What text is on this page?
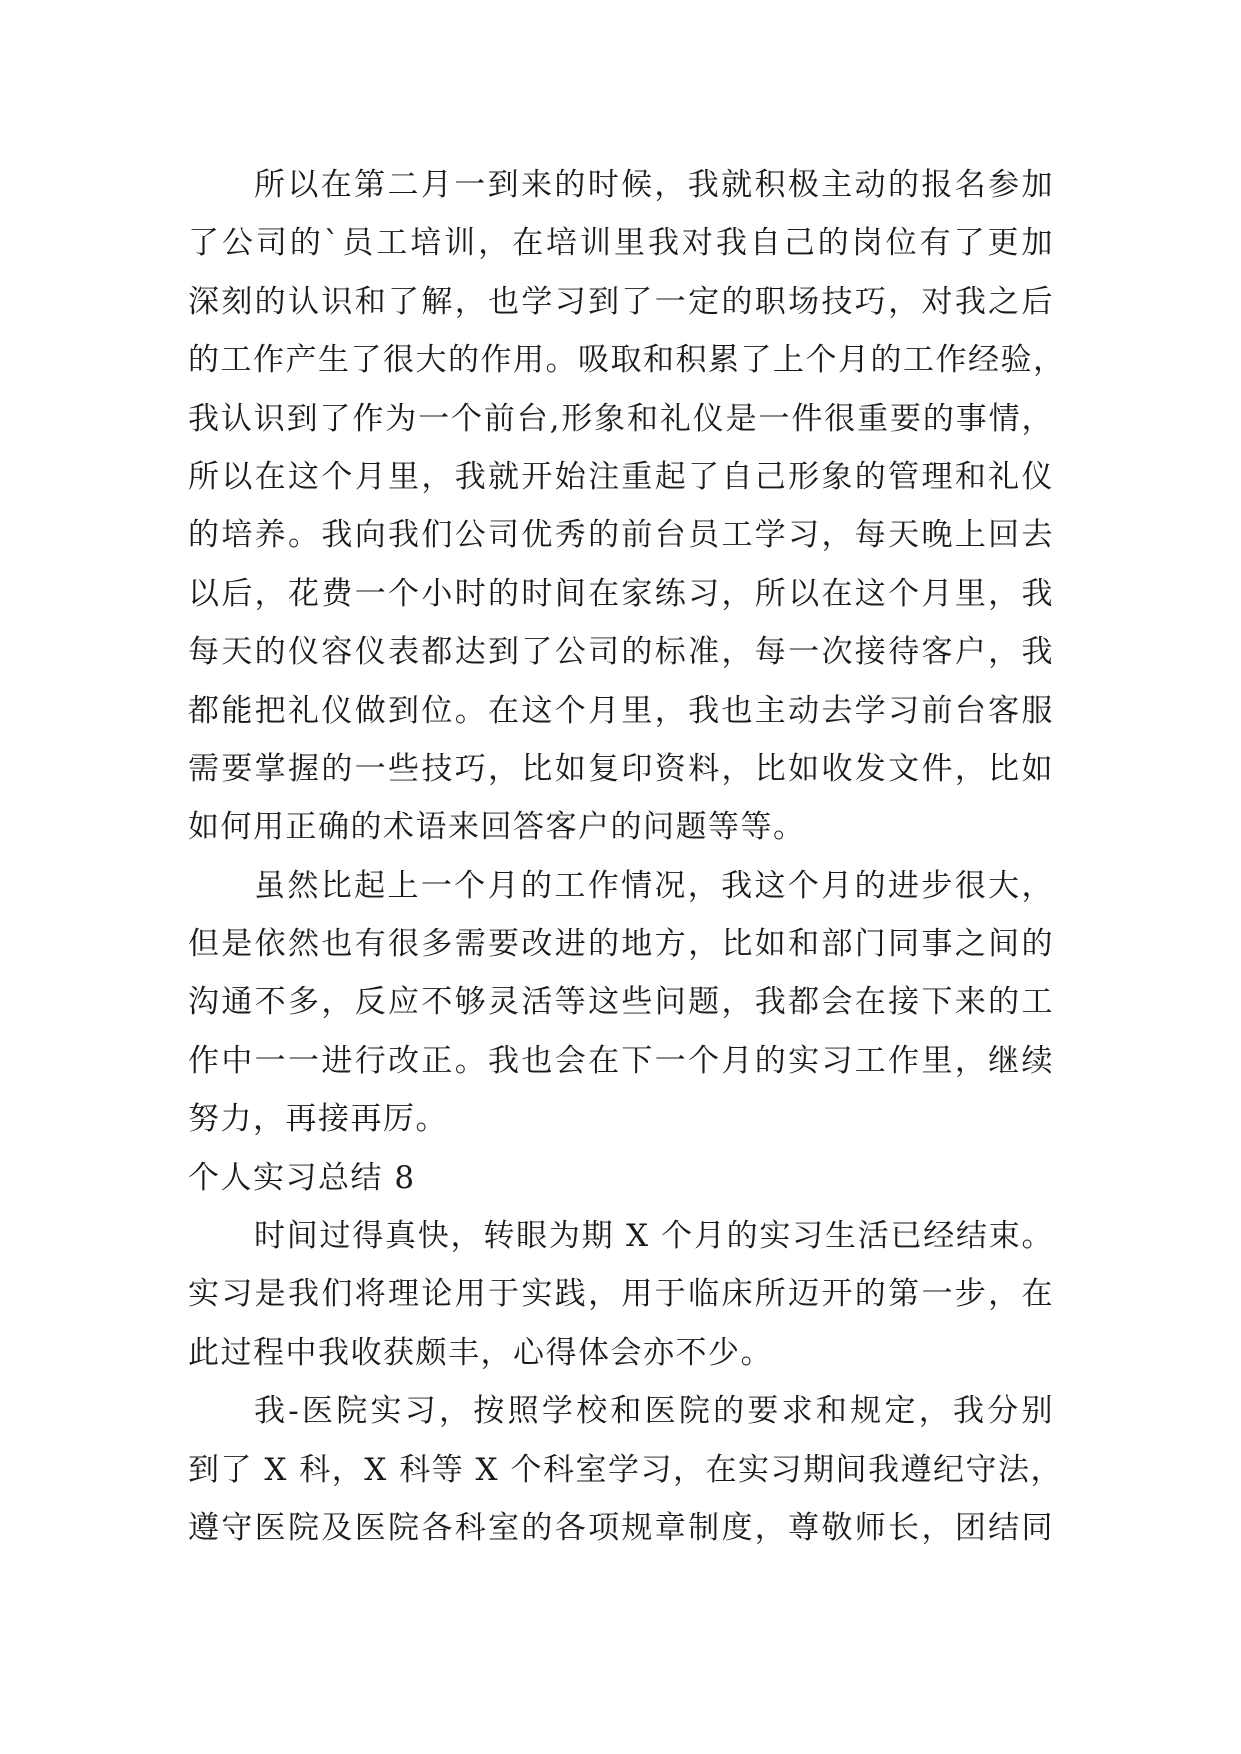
所以在第二月一到来的时候，我就积极主动的报名参加
了公司的`员工培训，在培训里我对我自己的岗位有了更加
深刻的认识和了解，也学习到了一定的职场技巧，对我之后
的工作产生了很大的作用。吸取和积累了上个月的工作经验，
我认识到了作为一个前台,形象和礼仪是一件很重要的事情，
所以在这个月里，我就开始注重起了自己形象的管理和礼仪
的培养。我向我们公司优秀的前台员工学习，每天晚上回去
以后，花费一个小时的时间在家练习，所以在这个月里，我
每天的仪容仪表都达到了公司的标准，每一次接待客户，我
都能把礼仪做到位。在这个月里，我也主动去学习前台客服
需要掌握的一些技巧，比如复印资料，比如收发文件，比如
如何用正确的术语来回答客户的问题等等。
虽然比起上一个月的工作情况，我这个月的进步很大，
但是依然也有很多需要改进的地方，比如和部门同事之间的
沟通不多，反应不够灵活等这些问题，我都会在接下来的工
作中一一进行改正。我也会在下一个月的实习工作里，继续
努力，再接再厉。
个人实习总结 8
时间过得真快，转眼为期 X 个月的实习生活已经结束。
实习是我们将理论用于实践，用于临床所迈开的第一步，在
此过程中我收获颇丰，心得体会亦不少。
我-医院实习，按照学校和医院的要求和规定，我分别
到了 X 科，X 科等 X 个科室学习，在实习期间我遵纪守法，
遵守医院及医院各科室的各项规章制度，尊敬师长，团结同
